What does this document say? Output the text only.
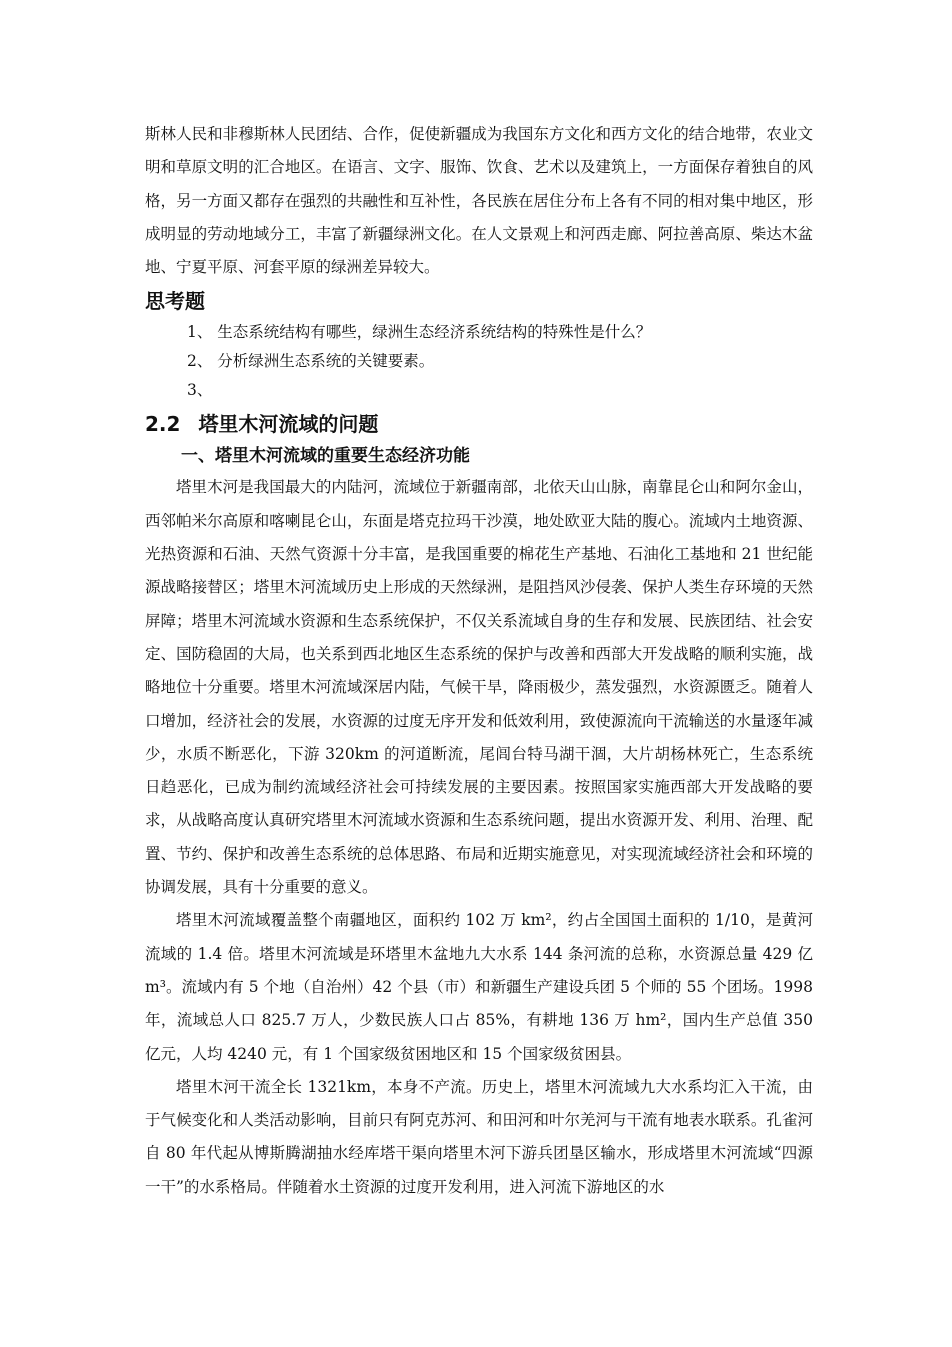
斯林人民和非穆斯林人民团结、合作，促使新疆成为我国东方文化和西方文化的结合地带，农业文明和草原文明的汇合地区。在语言、文字、服饰、饮食、艺术以及建筑上，一方面保存着独自的风格，另一方面又都存在强烈的共融性和互补性，各民族在居住分布上各有不同的相对集中地区，形成明显的劳动地域分工，丰富了新疆绿洲文化。在人文景观上和河西走廊、阿拉善高原、柴达木盆地、宁夏平原、河套平原的绿洲差异较大。

思考题

1、 生态系统结构有哪些，绿洲生态经济系统结构的特殊性是什么？

2、 分析绿洲生态系统的关键要素。

3、

2.2 塔里木河流域的问题
一、塔里木河流域的重要生态经济功能

塔里木河是我国最大的内陆河，流域位于新疆南部，北依天山山脉，南靠昆仑山和阿尔金山，西邻帕米尔高原和喀喇昆仑山，东面是塔克拉玛干沙漠，地处欧亚大陆的腹心。流域内土地资源、光热资源和石油、天然气资源十分丰富，是我国重要的棉花生产基地、石油化工基地和 21 世纪能源战略接替区；塔里木河流域历史上形成的天然绿洲，是阻挡风沙侵袭、保护人类生存环境的天然屏障；塔里木河流域水资源和生态系统保护，不仅关系流域自身的生存和发展、民族团结、社会安定、国防稳固的大局，也关系到西北地区生态系统的保护与改善和西部大开发战略的顺利实施，战略地位十分重要。塔里木河流域深居内陆，气候干旱，降雨极少，蒸发强烈，水资源匮乏。随着人口增加，经济社会的发展，水资源的过度无序开发和低效利用，致使源流向干流输送的水量逐年减少，水质不断恶化，下游 320km 的河道断流，尾闾台特马湖干涸，大片胡杨林死亡，生态系统日趋恶化，已成为制约流域经济社会可持续发展的主要因素。按照国家实施西部大开发战略的要求，从战略高度认真研究塔里木河流域水资源和生态系统问题，提出水资源开发、利用、治理、配置、节约、保护和改善生态系统的总体思路、布局和近期实施意见，对实现流域经济社会和环境的协调发展，具有十分重要的意义。

塔里木河流域覆盖整个南疆地区，面积约 102 万 km²，约占全国国土面积的 1/10，是黄河流域的 1.4 倍。塔里木河流域是环塔里木盆地九大水系 144 条河流的总称，水资源总量 429 亿 m³。流域内有 5 个地（自治州）42 个县（市）和新疆生产建设兵团 5 个师的 55 个团场。1998 年，流域总人口 825.7 万人，少数民族人口占 85%，有耕地 136 万 hm²，国内生产总值 350 亿元，人均 4240 元，有 1 个国家级贫困地区和 15 个国家级贫困县。

塔里木河干流全长 1321km，本身不产流。历史上，塔里木河流域九大水系均汇入干流，由于气候变化和人类活动影响，目前只有阿克苏河、和田河和叶尔羌河与干流有地表水联系。孔雀河自 80 年代起从博斯腾湖抽水经库塔干渠向塔里木河下游兵团垦区输水，形成塔里木河流域“四源一干”的水系格局。伴随着水土资源的过度开发利用，进入河流下游地区的水
